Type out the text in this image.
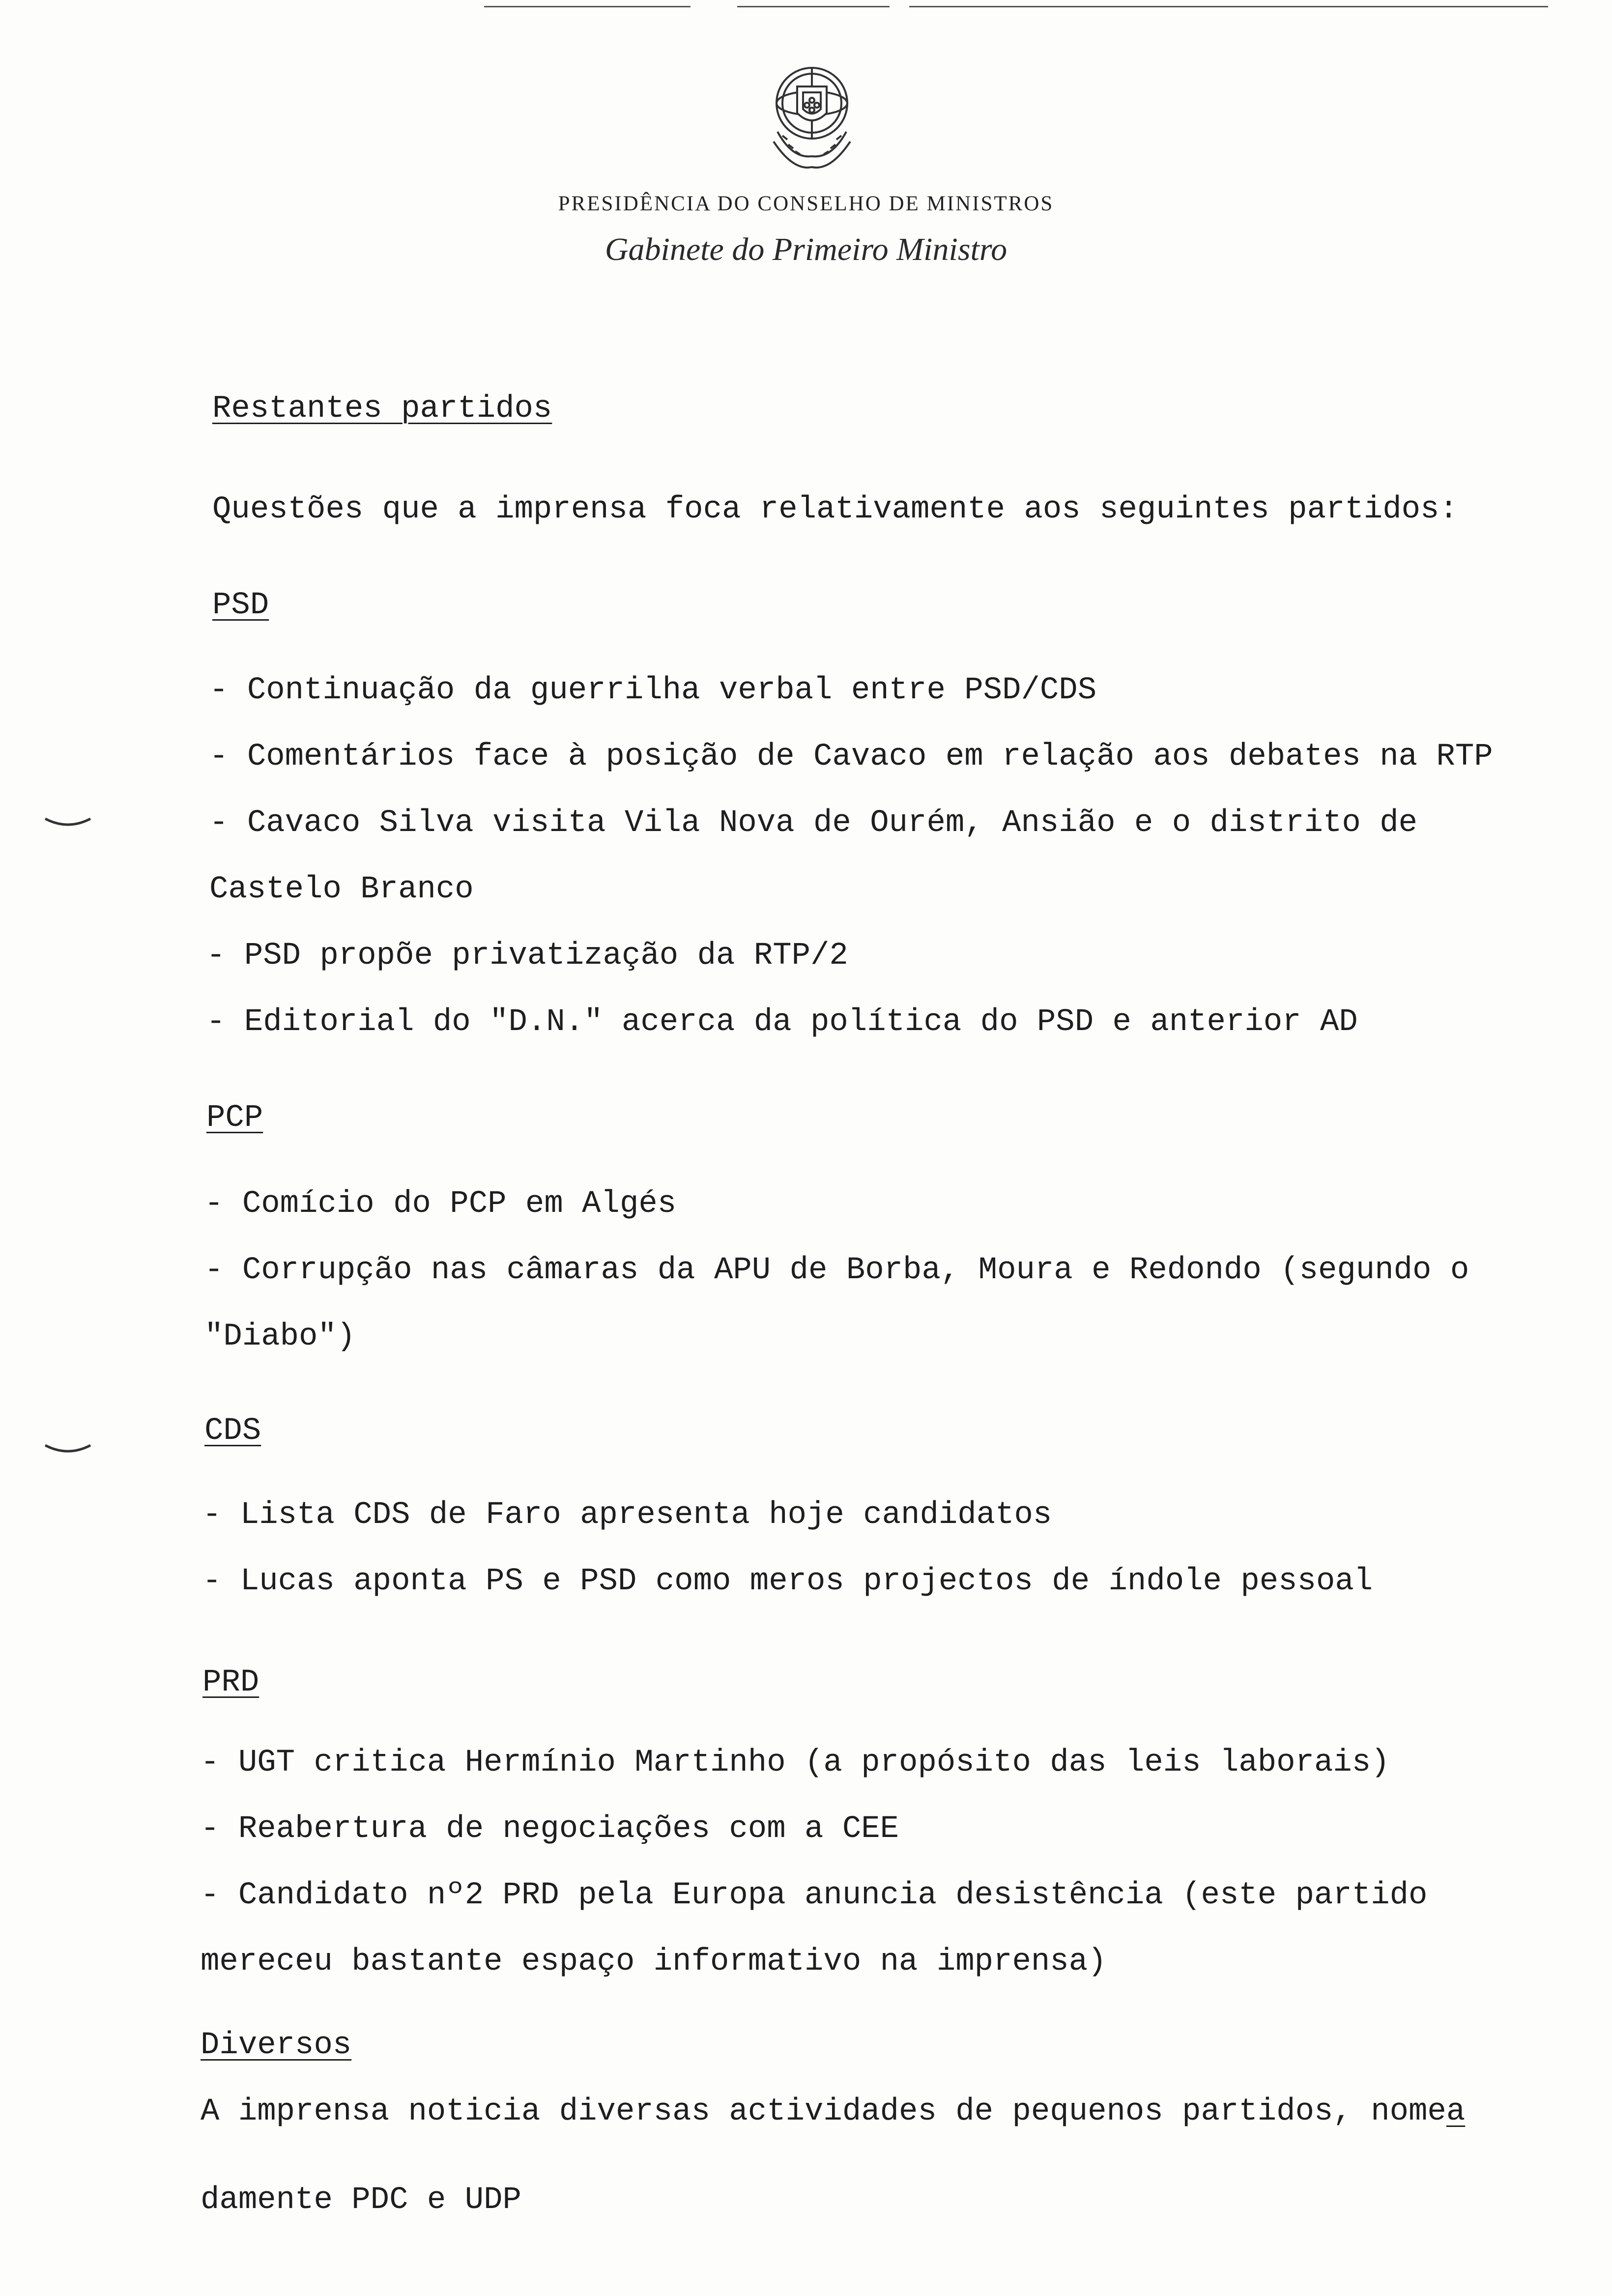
PRESIDÊNCIA DO CONSELHO DE MINISTROS
Gabinete do Primeiro Ministro
Restantes partidos
Questões que a imprensa foca relativamente aos seguintes partidos:
PSD
- Continuação da guerrilha verbal entre PSD/CDS
- Comentários face à posição de Cavaco em relação aos debates na RTP
- Cavaco Silva visita Vila Nova de Ourém, Ansião e o distrito de
Castelo Branco
- PSD propõe privatização da RTP/2
- Editorial do "D.N." acerca da política do PSD e anterior AD
PCP
- Comício do PCP em Algés
- Corrupção nas câmaras da APU de Borba, Moura e Redondo (segundo o
"Diabo")
CDS
- Lista CDS de Faro apresenta hoje candidatos
- Lucas aponta PS e PSD como meros projectos de índole pessoal
PRD
- UGT critica Hermínio Martinho (a propósito das leis laborais)
- Reabertura de negociações com a CEE
- Candidato nº2 PRD pela Europa anuncia desistência (este partido
mereceu bastante espaço informativo na imprensa)
Diversos
A imprensa noticia diversas actividades de pequenos partidos, nomea
damente PDC e UDP
